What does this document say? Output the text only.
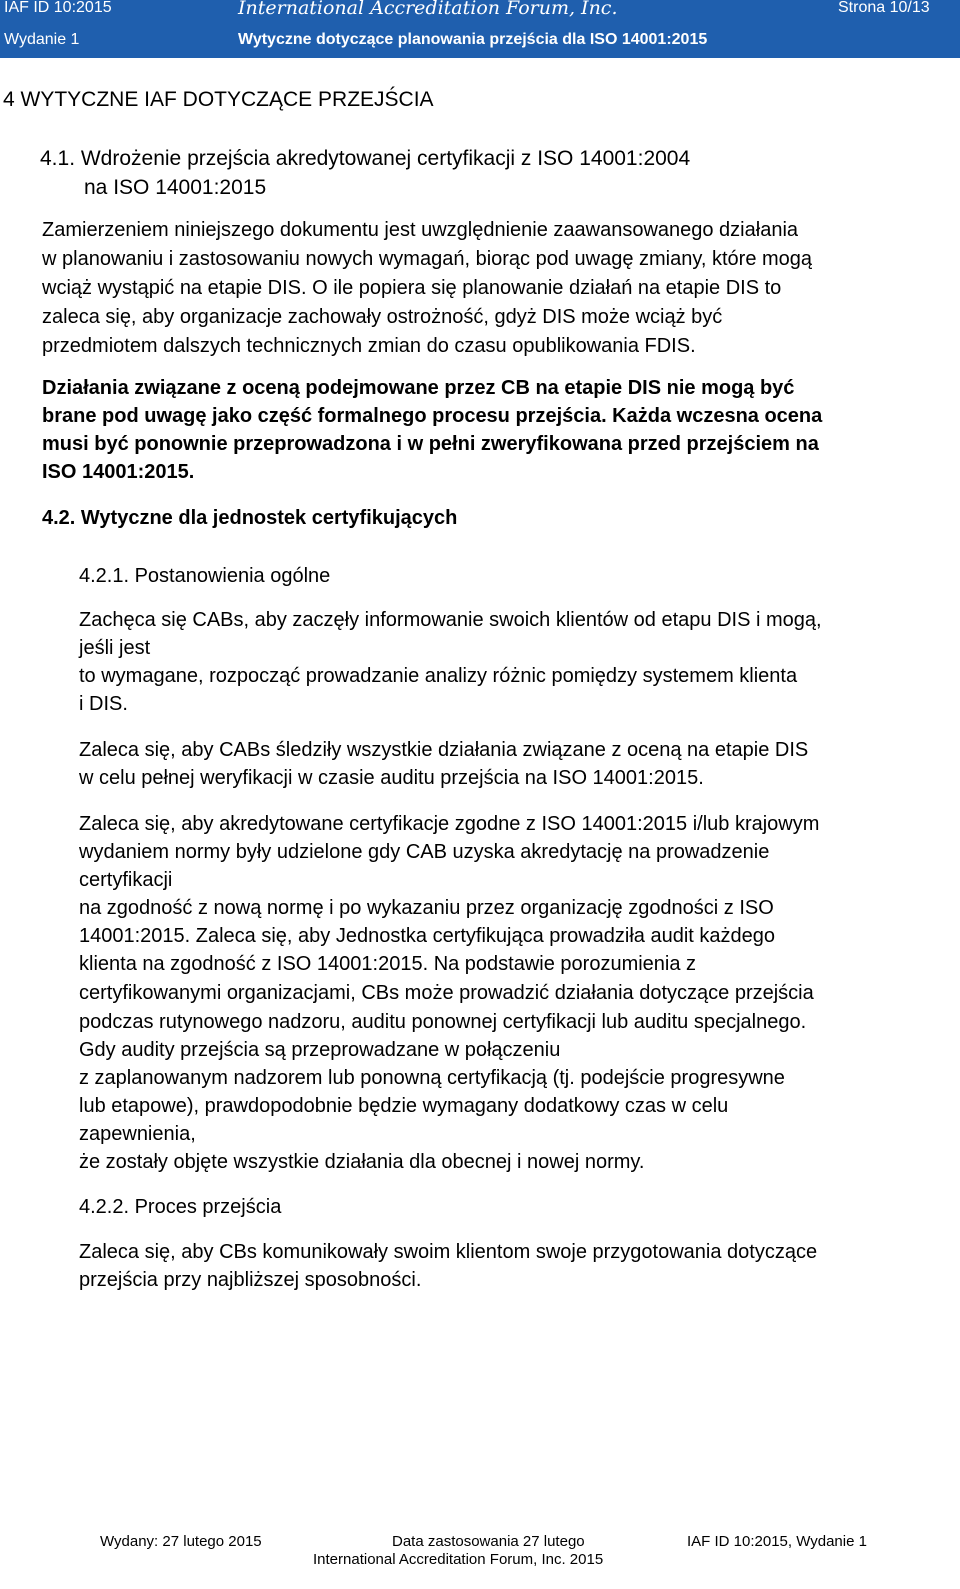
IAF ID 10:2015	International Accreditation Forum, Inc.	Strona 10/13
Wydanie 1	Wytyczne dotyczące planowania przejścia dla ISO 14001:2015
4 WYTYCZNE IAF DOTYCZĄCE PRZEJŚCIA
4.1. Wdrożenie przejścia akredytowanej certyfikacji z ISO 14001:2004
na ISO 14001:2015
Zamierzeniem niniejszego dokumentu jest uwzględnienie zaawansowanego działania
w planowaniu i zastosowaniu nowych wymagań, biorąc pod uwagę zmiany, które mogą
wciąż wystąpić na etapie DIS. O ile popiera się planowanie działań na etapie DIS to
zaleca się, aby organizacje zachowały ostrożność, gdyż DIS może wciąż być
przedmiotem dalszych technicznych zmian do czasu opublikowania FDIS.
Działania związane z oceną podejmowane przez CB na etapie DIS nie mogą być
brane pod uwagę jako część formalnego procesu przejścia. Każda wczesna ocena
musi być ponownie przeprowadzona i w pełni zweryfikowana przed przejściem na
ISO 14001:2015.
4.2. Wytyczne dla jednostek certyfikujących
4.2.1. Postanowienia ogólne
Zachęca się CABs, aby zaczęły informowanie swoich klientów od etapu DIS i mogą,
jeśli jest
to wymagane, rozpocząć prowadzanie analizy różnic pomiędzy systemem klienta
i DIS.
Zaleca się, aby CABs śledziły wszystkie działania związane z oceną na etapie DIS
w celu pełnej weryfikacji w czasie auditu przejścia na ISO 14001:2015.
Zaleca się, aby akredytowane certyfikacje zgodne z ISO 14001:2015 i/lub krajowym
wydaniem normy były udzielone gdy CAB uzyska akredytację na prowadzenie
certyfikacji
na zgodność z nową normę i po wykazaniu przez organizację zgodności z ISO
14001:2015. Zaleca się, aby Jednostka certyfikująca prowadziła audit każdego
klienta na zgodność z ISO 14001:2015. Na podstawie porozumienia z
certyfikowanymi organizacjami, CBs może prowadzić działania dotyczące przejścia
podczas rutynowego nadzoru, auditu ponownej certyfikacji lub auditu specjalnego.
Gdy audity przejścia są przeprowadzane w połączeniu
z zaplanowanym nadzorem lub ponowną certyfikacją (tj. podejście progresywne
lub etapowe), prawdopodobnie będzie wymagany dodatkowy czas w celu
zapewnienia,
że zostały objęte wszystkie działania dla obecnej i nowej normy.
4.2.2. Proces przejścia
Zaleca się, aby CBs komunikowały swoim klientom swoje przygotowania dotyczące
przejścia przy najbliższej sposobności.
Wydany: 27 lutego 2015	Data zastosowania 27 lutego	IAF ID 10:2015, Wydanie 1
International Accreditation Forum, Inc. 2015
